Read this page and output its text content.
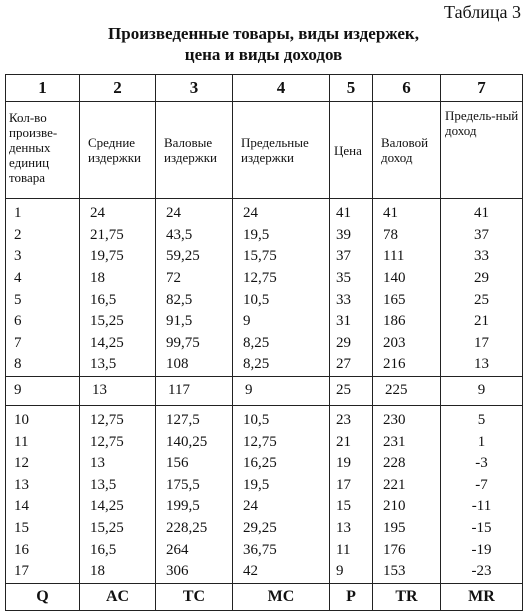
Таблица 3
Произведенные товары, виды издержек,
цена и виды доходов
1	2	3	4	5	6	7
Кол-во произве-денных единиц товара	Средние издержки	Валовые издержки	Предельные издержки	Цена	Валовой доход	Предель-ный доход
1	24	24	24	41	41	41
2	21,75	43,5	19,5	39	78	37
3	19,75	59,25	15,75	37	111	33
4	18	72	12,75	35	140	29
5	16,5	82,5	10,5	33	165	25
6	15,25	91,5	9	31	186	21
7	14,25	99,75	8,25	29	203	17
8	13,5	108	8,25	27	216	13
9	13	117	9	25	225	9
10	12,75	127,5	10,5	23	230	5
11	12,75	140,25	12,75	21	231	1
12	13	156	16,25	19	228	-3
13	13,5	175,5	19,5	17	221	-7
14	14,25	199,5	24	15	210	-11
15	15,25	228,25	29,25	13	195	-15
16	16,5	264	36,75	11	176	-19
17	18	306	42	9	153	-23
Q	AC	TC	MC	P	TR	MR
